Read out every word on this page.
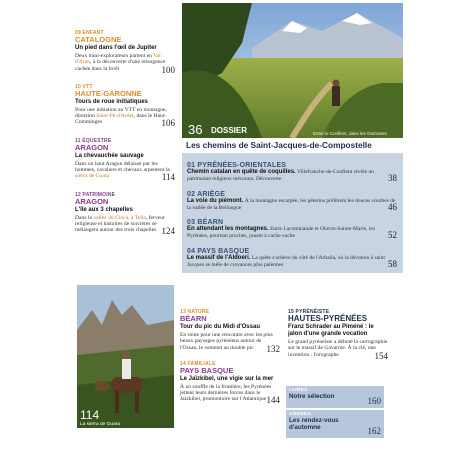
09 ENFANT
CATALOGNE
Un pied dans l'œil de Jupiter
Deux mini-explorateurs partent en Val d'Aran, à la découverte d'une résurgence cachée dans la forêt	100
10 VTT
HAUTE-GARONNE
Tours de roue initiatiques
Pour une initiation au VTT en montagne, direction Saint-Pé-d'Ardet, dans le Haut-Comminges	106
11 ÉQUESTRE
ARAGON
La chevauchée sauvage
Dans un haut Aragon délaissé par les hommes, cavaliers et chevaux arpentent la sierra de Guara	114
12 PATRIMOINE
ARAGON
L'île aux 3 chapelles
Dans la vallée du Cinca, à Tella, ferveur religieuse et histoires de sorcières se mélangent autour des trois chapelles 124
36 DOSSIER	Entre le Conflent, dans les Garrotxes
Les chemins de Saint-Jacques-de-Compostelle
01 PYRÉNÉES-ORIENTALES
Chemin catalan en quête de coquilles. Villefranche-de-Conflent révèle un patrimoine religieux méconnu. Découverte	38
02 ARIÈGE
La voie du piémont. À la montagne escarpée, les pèlerins préfèrent les douces courbes de la vallée de la Bellongue	46
03 BÉARN
En attendant les montagnes. Entre Lacommande et Oloron-Sainte-Marie, les Pyrénées, pourtant proches, jouent à cache-cache	52
04 PAYS BASQUE
Le massif de l'Aldoeri. La quête s'achève du côté de l'Arbaila, où la dévotion à saint Jacques se mêle de croyances plus païennes	58
114
La sierra de Guara
13 NATURE
BÉARN
Tour du pic du Midi d'Ossau
En route pour une rencontre avec les plus beaux paysages pyrénéens autour de l'Ossau, le sommet au double pic 132
14 FAMILIALE
PAYS BASQUE
Le Jaïzkibel, une vigie sur la mer
À un souffle de la frontière, les Pyrénées jettent leurs dernières forces dans le Jaïzkibel, promontoire sur l'Atlantique 144
15 PYRÉNÉISTE
HAUTES-PYRÉNÉES
Franz Schrader au Piméné : le jalon d'une grande vocation
Le grand pyrénéiste a débuté la cartographie sur le massif de Gavarnie. À la clé, une invention : l'orographe	154
LIVRES
Notre sélection	160
AGENDA
Les rendez-vous d'automne	162
